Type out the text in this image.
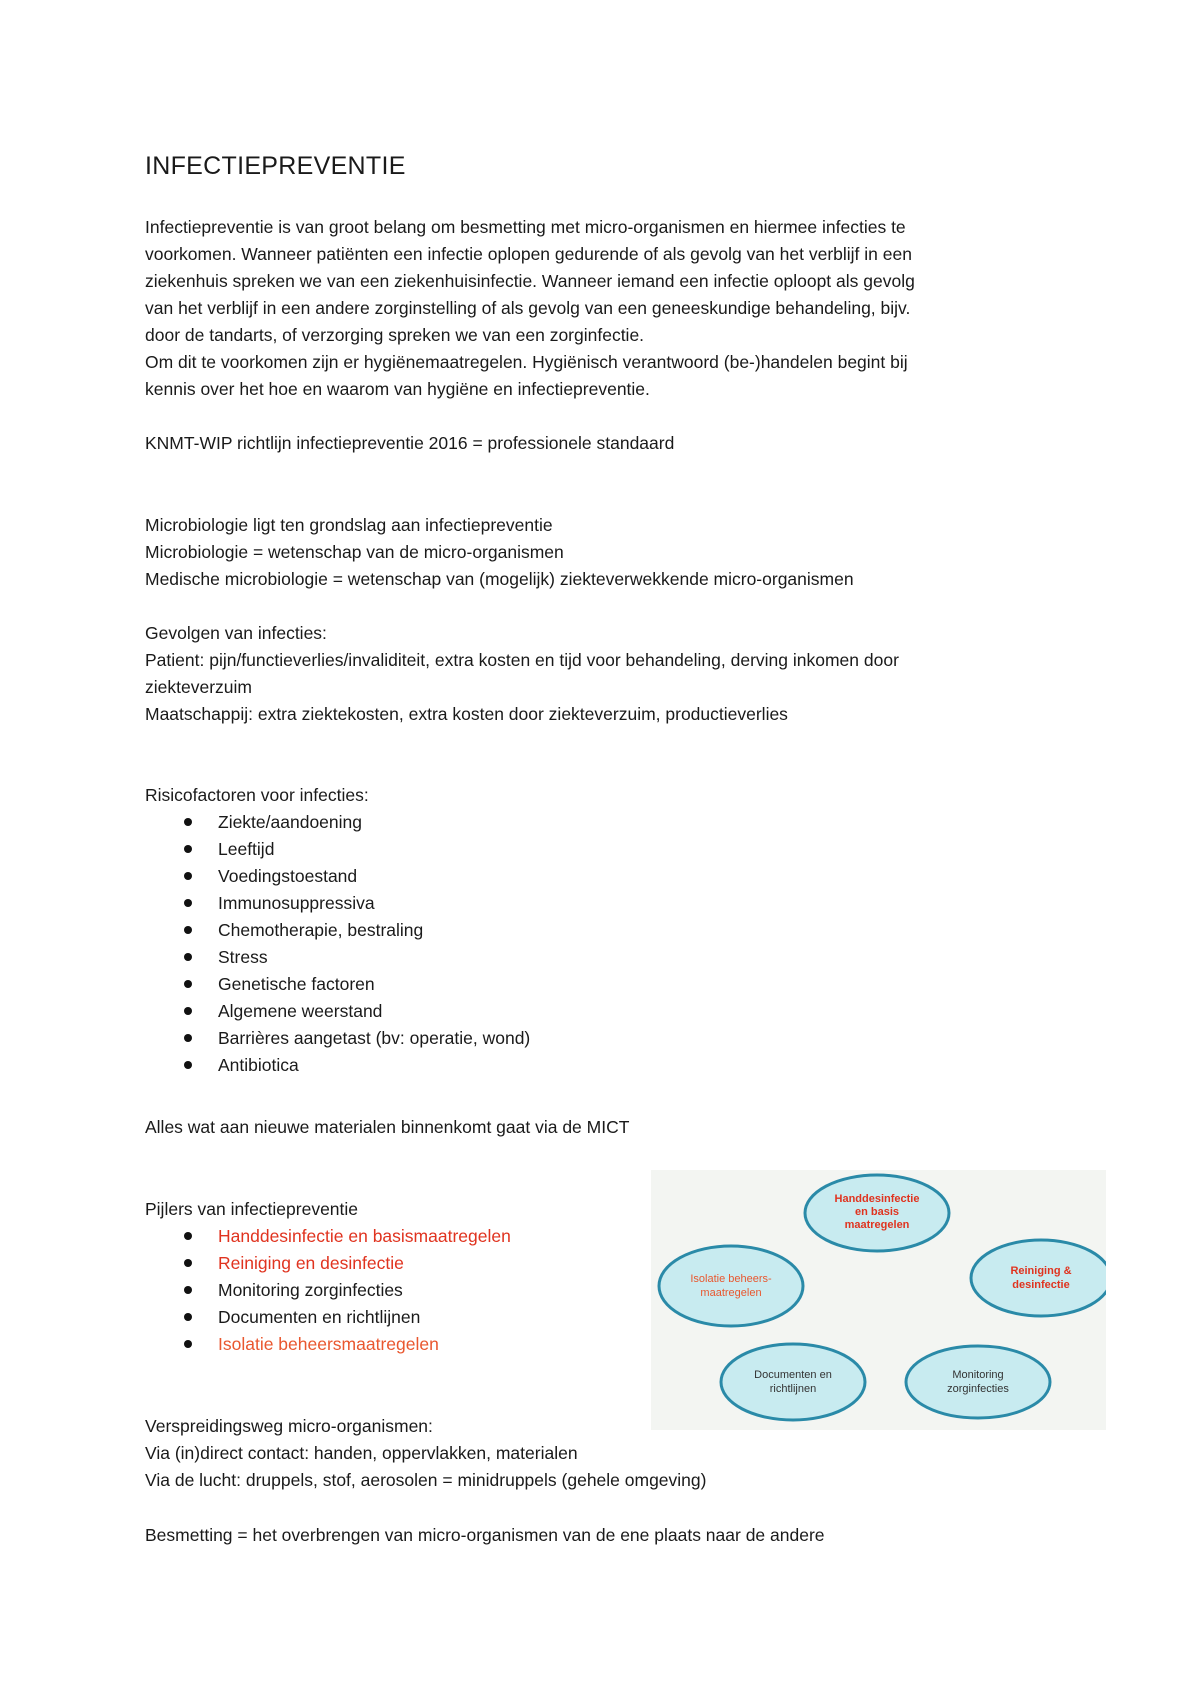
INFECTIEPREVENTIE
Infectiepreventie is van groot belang om besmetting met micro-organismen en hiermee infecties te
voorkomen. Wanneer patiënten een infectie oplopen gedurende of als gevolg van het verblijf in een
ziekenhuis spreken we van een ziekenhuisinfectie. Wanneer iemand een infectie oploopt als gevolg
van het verblijf in een andere zorginstelling of als gevolg van een geneeskundige behandeling, bijv.
door de tandarts, of verzorging spreken we van een zorginfectie.
Om dit te voorkomen zijn er hygiënemaatregelen. Hygiënisch verantwoord (be-)handelen begint bij
kennis over het hoe en waarom van hygiëne en infectiepreventie.
KNMT-WIP richtlijn infectiepreventie 2016 = professionele standaard
Microbiologie ligt ten grondslag aan infectiepreventie
Microbiologie = wetenschap van de micro-organismen
Medische microbiologie = wetenschap van (mogelijk) ziekteverwekkende micro-organismen
Gevolgen van infecties:
Patient: pijn/functieverlies/invaliditeit, extra kosten en tijd voor behandeling, derving inkomen door
ziekteverzuim
Maatschappij: extra ziektekosten, extra kosten door ziekteverzuim, productieverlies
Risicofactoren voor infecties:
Ziekte/aandoening
Leeftijd
Voedingstoestand
Immunosuppressiva
Chemotherapie, bestraling
Stress
Genetische factoren
Algemene weerstand
Barrières aangetast (bv: operatie, wond)
Antibiotica
Alles wat aan nieuwe materialen binnenkomt gaat via de MICT
Pijlers van infectiepreventie
Handdesinfectie en basismaatregelen
Reiniging en desinfectie
Monitoring zorginfecties
Documenten en richtlijnen
Isolatie beheersmaatregelen
Handdesinfectie
en basis
maatregelen
Reiniging &
desinfectie
Monitoring
zorginfecties
Documenten en
richtlijnen
Isolatie beheers-
maatregelen
Verspreidingsweg micro-organismen:
Via (in)direct contact: handen, oppervlakken, materialen
Via de lucht: druppels, stof, aerosolen = minidruppels (gehele omgeving)
Besmetting = het overbrengen van micro-organismen van de ene plaats naar de andere
